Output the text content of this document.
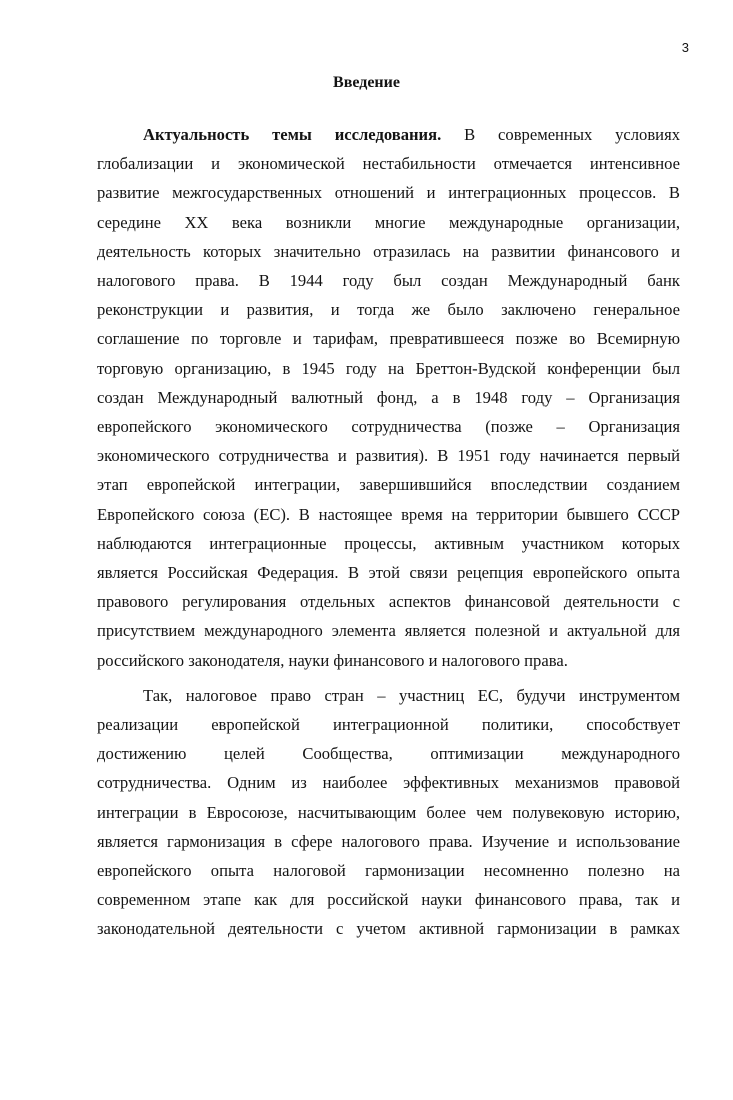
3
Введение
Актуальность темы исследования. В современных условиях
глобализации и экономической нестабильности отмечается интенсивное
развитие межгосударственных отношений и интеграционных процессов. В
середине XX века возникли многие международные организации,
деятельность которых значительно отразилась на развитии финансового и
налогового права. В 1944 году был создан Международный банк
реконструкции и развития, и тогда же было заключено генеральное
соглашение по торговле и тарифам, превратившееся позже во Всемирную
торговую организацию, в 1945 году на Бреттон-Вудской конференции был
создан Международный валютный фонд, а в 1948 году – Организация
европейского экономического сотрудничества (позже – Организация
экономического сотрудничества и развития). В 1951 году начинается первый
этап европейской интеграции, завершившийся впоследствии созданием
Европейского союза (ЕС). В настоящее время на территории бывшего СССР
наблюдаются интеграционные процессы, активным участником которых
является Российская Федерация. В этой связи рецепция европейского опыта
правового регулирования отдельных аспектов финансовой деятельности с
присутствием международного элемента является полезной и актуальной для
российского законодателя, науки финансового и налогового права.
Так, налоговое право стран – участниц ЕС, будучи инструментом
реализации европейской интеграционной политики, способствует
достижению целей Сообщества, оптимизации международного
сотрудничества. Одним из наиболее эффективных механизмов правовой
интеграции в Евросоюзе, насчитывающим более чем полувековую историю,
является гармонизация в сфере налогового права. Изучение и использование
европейского опыта налоговой гармонизации несомненно полезно на
современном этапе как для российской науки финансового права, так и
законодательной деятельности с учетом активной гармонизации в рамках
